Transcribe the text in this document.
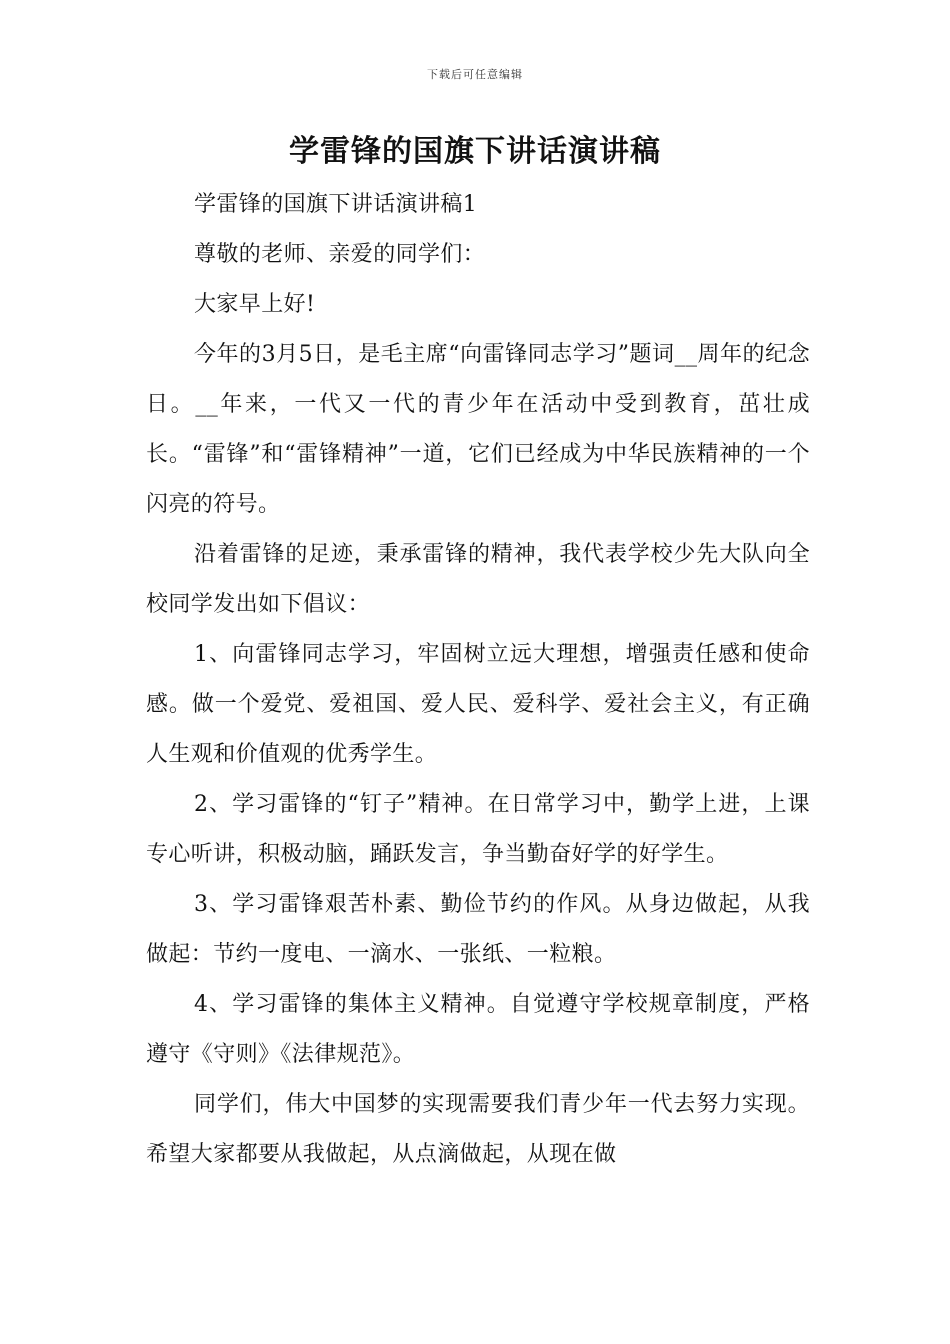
下载后可任意编辑
学雷锋的国旗下讲话演讲稿

学雷锋的国旗下讲话演讲稿1

尊敬的老师、亲爱的同学们：

大家早上好!

今年的3月5日，是毛主席“向雷锋同志学习”题词__周年的纪念日。__年来，一代又一代的青少年在活动中受到教育，茁壮成长。“雷锋”和“雷锋精神”一道，它们已经成为中华民族精神的一个闪亮的符号。

沿着雷锋的足迹，秉承雷锋的精神，我代表学校少先大队向全校同学发出如下倡议：

1、向雷锋同志学习，牢固树立远大理想，增强责任感和使命感。做一个爱党、爱祖国、爱人民、爱科学、爱社会主义，有正确人生观和价值观的优秀学生。

2、学习雷锋的“钉子”精神。在日常学习中，勤学上进，上课专心听讲，积极动脑，踊跃发言，争当勤奋好学的好学生。

3、学习雷锋艰苦朴素、勤俭节约的作风。从身边做起，从我做起：节约一度电、一滴水、一张纸、一粒粮。

4、学习雷锋的集体主义精神。自觉遵守学校规章制度，严格遵守《守则》《法律规范》。

同学们，伟大中国梦的实现需要我们青少年一代去努力实现。希望大家都要从我做起，从点滴做起，从现在做
